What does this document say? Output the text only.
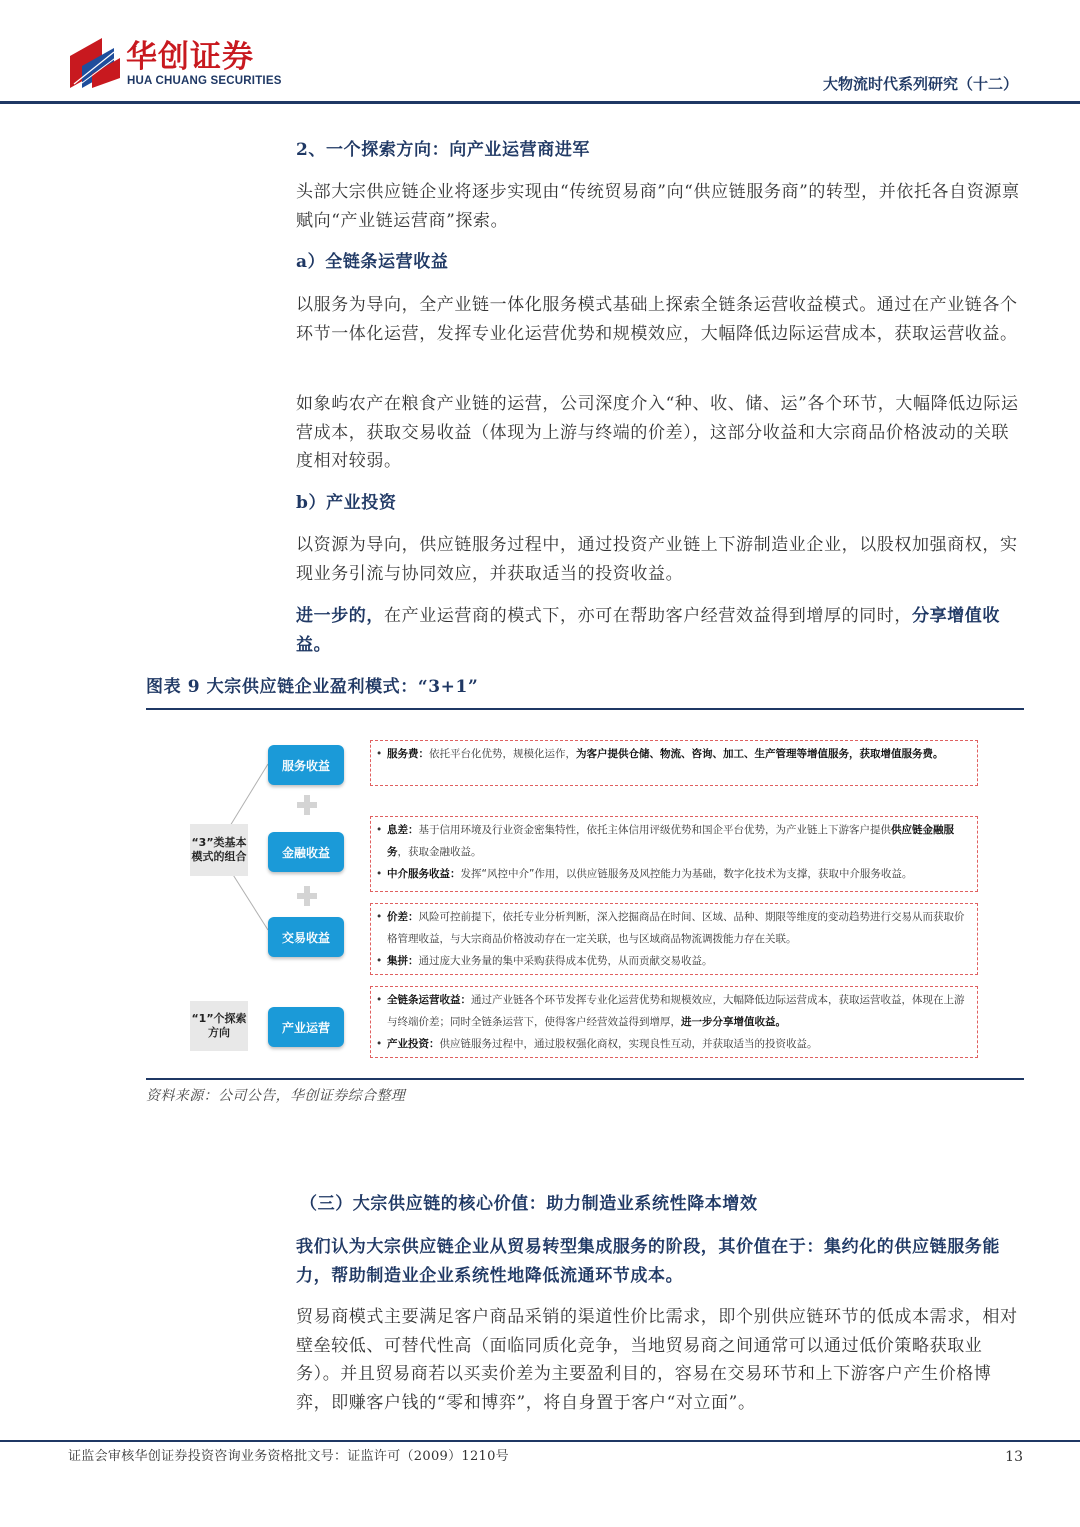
华创证券
HUA CHUANG SECURITIES	大物流时代系列研究（十二）

2、一个探索方向：向产业运营商进军

头部大宗供应链企业将逐步实现由“传统贸易商”向“供应链服务商”的转型，并依托各自资源禀赋向“产业链运营商”探索。

a）全链条运营收益

以服务为导向，全产业链一体化服务模式基础上探索全链条运营收益模式。通过在产业链各个环节一体化运营，发挥专业化运营优势和规模效应，大幅降低边际运营成本，获取运营收益。

如象屿农产在粮食产业链的运营，公司深度介入“种、收、储、运”各个环节，大幅降低边际运营成本，获取交易收益（体现为上游与终端的价差），这部分收益和大宗商品价格波动的关联度相对较弱。

b）产业投资

以资源为导向，供应链服务过程中，通过投资产业链上下游制造业企业，以股权加强商权，实现业务引流与协同效应，并获取适当的投资收益。

进一步的，在产业运营商的模式下，亦可在帮助客户经营效益得到增厚的同时，分享增值收益。

图表 9 大宗供应链企业盈利模式：“3+1”
“3”类基本模式的组合
“1”个探索方向
服务收益
金融收益
交易收益
产业运营

• 服务费：依托平台化优势，规模化运作，为客户提供仓储、物流、咨询、加工、生产管理等增值服务，获取增值服务费。

• 息差：基于信用环境及行业资金密集特性，依托主体信用评级优势和国企平台优势，为产业链上下游客户提供供应链金融服务，获取金融收益。

• 中介服务收益：发挥“风控中介”作用，以供应链服务及风控能力为基础，数字化技术为支撑，获取中介服务收益。

• 价差：风险可控前提下，依托专业分析判断，深入挖掘商品在时间、区域、品种、期限等维度的变动趋势进行交易从而获取价格管理收益，与大宗商品价格波动存在一定关联，也与区域商品物流调拨能力存在关联。

• 集拼：通过庞大业务量的集中采购获得成本优势，从而贡献交易收益。

• 全链条运营收益：通过产业链各个环节发挥专业化运营优势和规模效应，大幅降低边际运营成本，获取运营收益，体现在上游与终端价差；同时全链条运营下，使得客户经营效益得到增厚，进一步分享增值收益。

• 产业投资：供应链服务过程中，通过股权强化商权，实现良性互动，并获取适当的投资收益。

资料来源：公司公告，华创证券综合整理

（三）大宗供应链的核心价值：助力制造业系统性降本增效

我们认为大宗供应链企业从贸易转型集成服务的阶段，其价值在于：集约化的供应链服务能力，帮助制造业企业系统性地降低流通环节成本。

贸易商模式主要满足客户商品采销的渠道性价比需求，即个别供应链环节的低成本需求，相对壁垒较低、可替代性高（面临同质化竞争，当地贸易商之间通常可以通过低价策略获取业务）。并且贸易商若以买卖价差为主要盈利目的，容易在交易环节和上下游客户产生价格博弈，即赚客户钱的“零和博弈”，将自身置于客户“对立面”。

证监会审核华创证券投资咨询业务资格批文号：证监许可（2009）1210号	13
